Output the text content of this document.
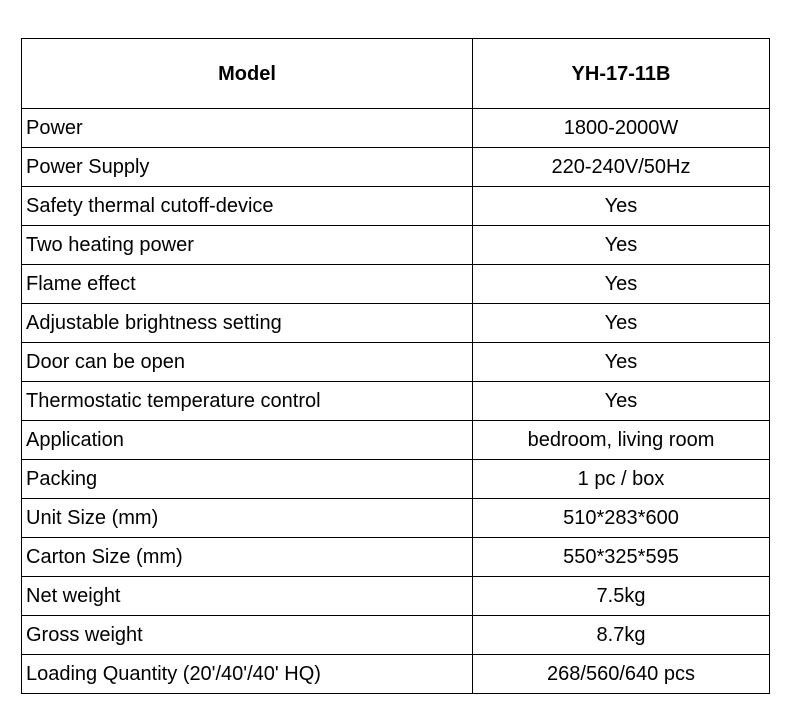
Model	YH-17-11B
Power	1800-2000W
Power Supply	220-240V/50Hz
Safety thermal cutoff-device	Yes
Two heating power	Yes
Flame effect	Yes
Adjustable brightness setting	Yes
Door can be open	Yes
Thermostatic temperature control	Yes
Application	bedroom, living room
Packing	1 pc / box
Unit Size (mm)	510*283*600
Carton Size (mm)	550*325*595
Net weight	7.5kg
Gross weight	8.7kg
Loading Quantity (20'/40'/40' HQ)	268/560/640 pcs
